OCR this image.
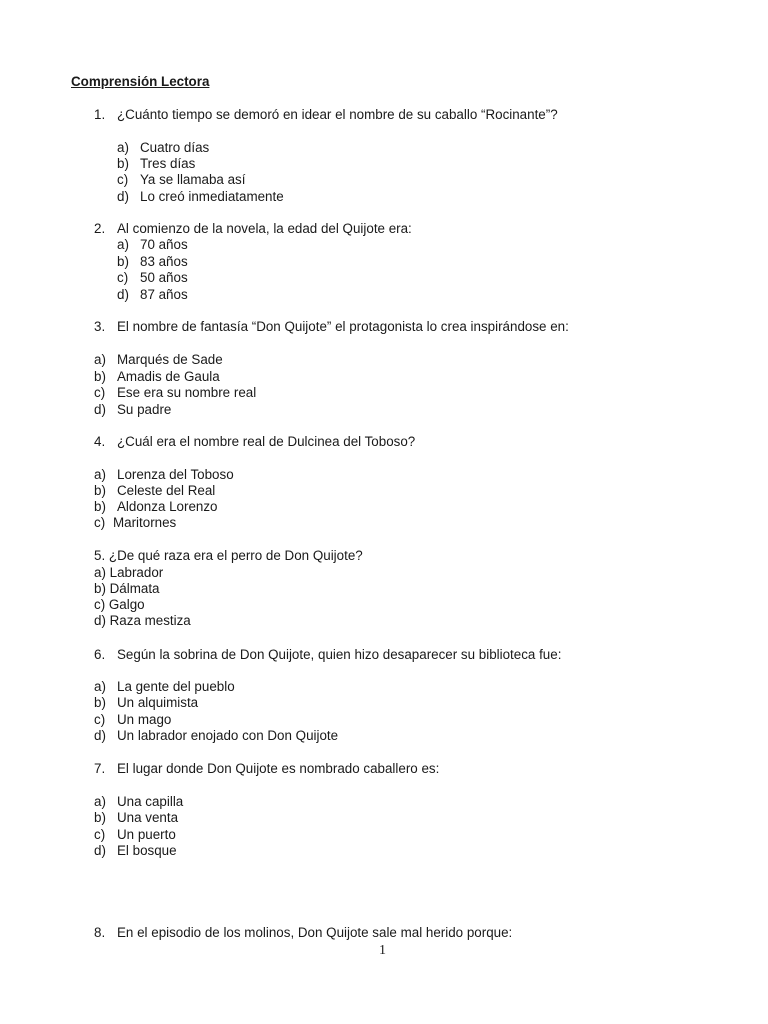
Comprensión Lectora
1. ¿Cuánto tiempo se demoró en idear el nombre de su caballo “Rocinante”?
a) Cuatro días
b) Tres días
c) Ya se llamaba así
d) Lo creó inmediatamente
2. Al comienzo de la novela, la edad del Quijote era:
a) 70 años
b) 83 años
c) 50 años
d) 87 años
3. El nombre de fantasía “Don Quijote” el protagonista lo crea inspirándose en:
a) Marqués de Sade
b) Amadis de Gaula
c) Ese era su nombre real
d) Su padre
4. ¿Cuál era el nombre real de Dulcinea del Toboso?
a) Lorenza del Toboso
b) Celeste del Real
b) Aldonza Lorenzo
c) Maritornes
5. ¿De qué raza era el perro de Don Quijote?
a) Labrador
b) Dálmata
c) Galgo
d) Raza mestiza
6. Según la sobrina de Don Quijote, quien hizo desaparecer su biblioteca fue:
a) La gente del pueblo
b) Un alquimista
c) Un mago
d) Un labrador enojado con Don Quijote
7. El lugar donde Don Quijote es nombrado caballero es:
a) Una capilla
b) Una venta
c) Un puerto
d) El bosque
8. En el episodio de los molinos, Don Quijote sale mal herido porque:
1
